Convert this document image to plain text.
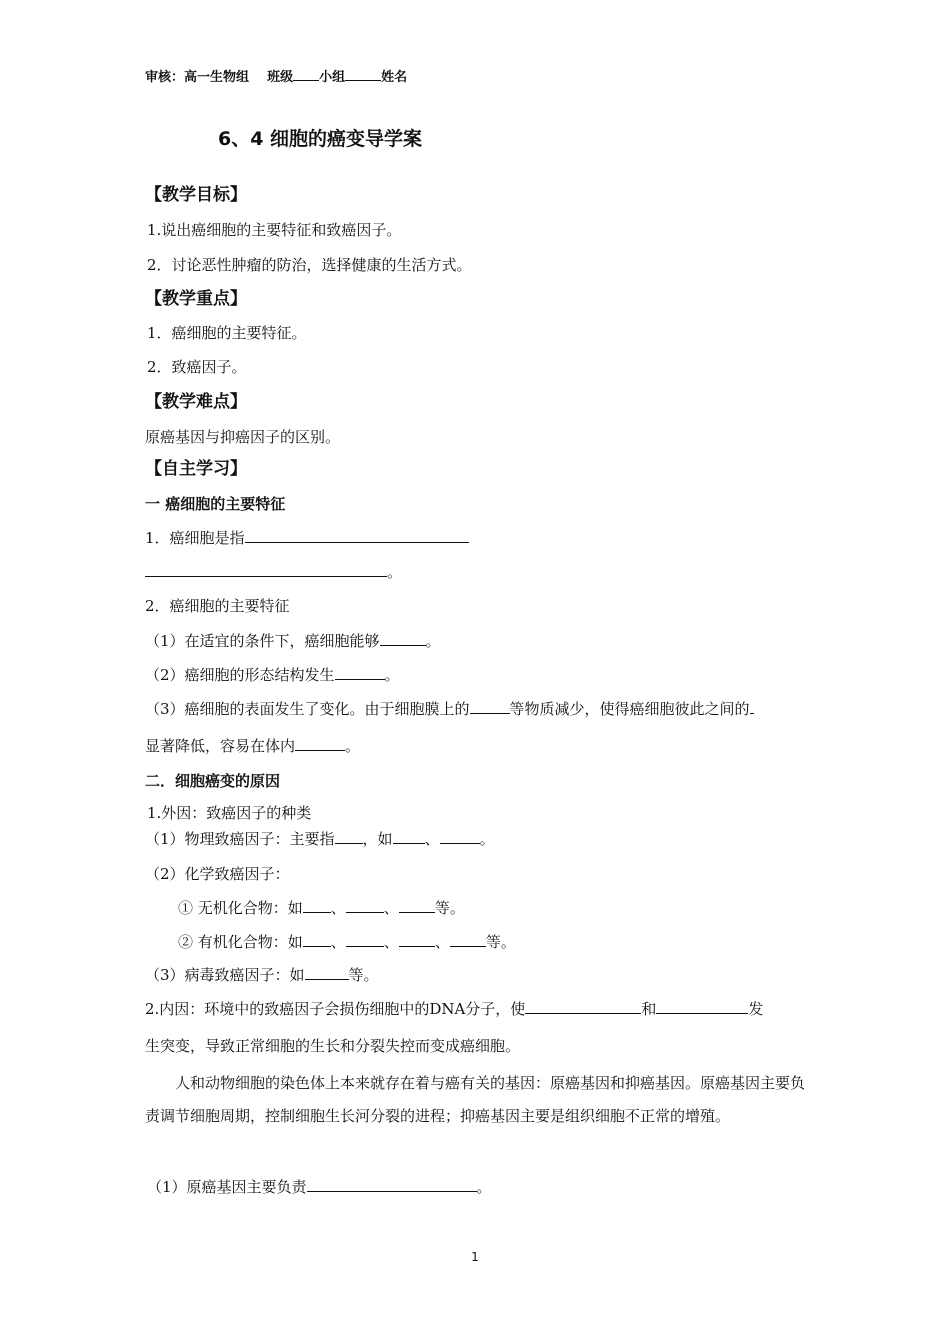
审核：高一生物组 班级 小组	姓名
6、4 细胞的癌变导学案
【教学目标】
1.说出癌细胞的主要特征和致癌因子。
2．讨论恶性肿瘤的防治，选择健康的生活方式。
【教学重点】
1．癌细胞的主要特征。
2．致癌因子。
【教学难点】
原癌基因与抑癌因子的区别。
【自主学习】
一 癌细胞的主要特征
1．癌细胞是指
。
2．癌细胞的主要特征
（1）在适宜的条件下，癌细胞能够	。
（2）癌细胞的形态结构发生	。
（3）癌细胞的表面发生了变化。由于细胞膜上的	等物质减少，使得癌细胞彼此之间的
显著降低，容易在体内	。
二．细胞癌变的原因
1.外因：致癌因子的种类
（1）物理致癌因子：主要指 ，如 、	。
（2）化学致癌因子：
① 无机化合物：如 、	、 等。
② 有机化合物：如 、	、 、 等。
（3）病毒致癌因子：如	等。
2.内因：环境中的致癌因子会损伤细胞中的DNA分子，使	和	发
生突变，导致正常细胞的生长和分裂失控而变成癌细胞。
人和动物细胞的染色体上本来就存在着与癌有关的基因：原癌基因和抑癌基因。原癌基因主要负责调节细胞周期，控制细胞生长河分裂的进程；抑癌基因主要是组织细胞不正常的增殖。
（1）原癌基因主要负责	。
1
